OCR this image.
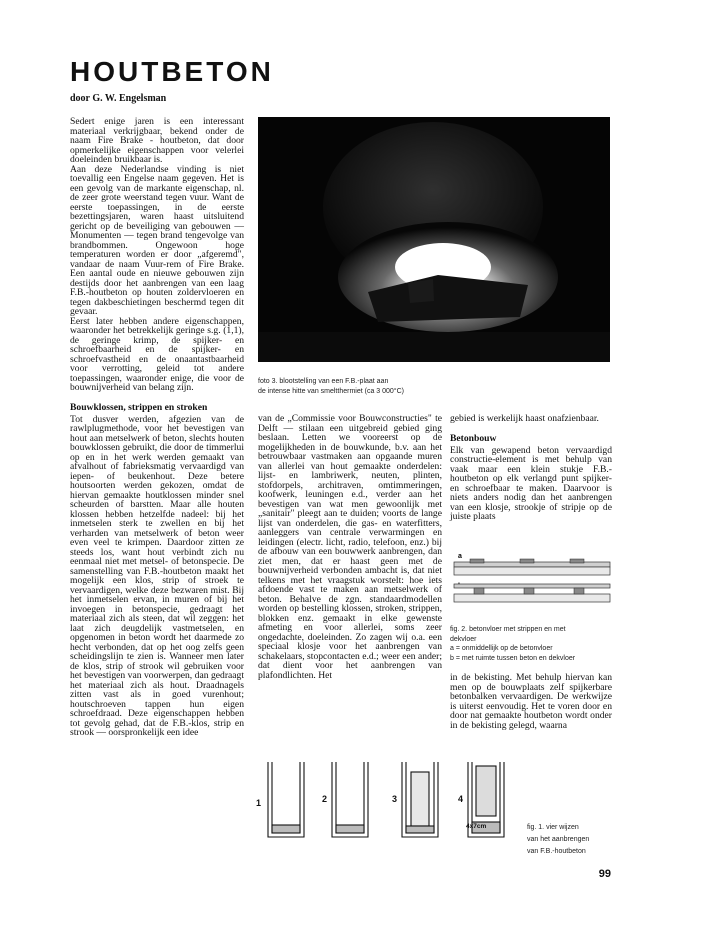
HOUTBETON
door G. W. Engelsman

Sedert enige jaren is een interessant materiaal verkrijgbaar, bekend onder de naam Fire Brake - houtbeton, dat door opmerkelijke eigenschappen voor velerlei doeleinden bruikbaar is.

Aan deze Nederlandse vinding is niet toevallig een Engelse naam gegeven. Het is een gevolg van de markante eigenschap, nl. de zeer grote weerstand tegen vuur. Want de eerste toepassingen, in de eerste bezettingsjaren, waren haast uitsluitend gericht op de beveiliging van gebouwen — Monumenten — tegen brand tengevolge van brandbommen. Ongewoon hoge temperaturen worden er door „afgeremd", vandaar de naam Vuur-rem of Fire Brake. Een aantal oude en nieuwe gebouwen zijn destijds door het aanbrengen van een laag F.B.-houtbeton op houten zoldervloeren en tegen dakbeschietingen beschermd tegen dit gevaar.

Eerst later hebben andere eigenschappen, waaronder het betrekkelijk geringe s.g. (1,1), de geringe krimp, de spijker- en schroefbaarheid en de spijker- en schroefvastheid en de onaantastbaarheid voor verrotting, geleid tot andere toepassingen, waaronder enige, die voor de bouwnijverheid van belang zijn.

Bouwklossen, strippen en stroken

Tot dusver werden, afgezien van de rawlplugmethode, voor het bevestigen van hout aan metselwerk of beton, slechts houten bouwklossen gebruikt, die door de timmerlui op en in het werk werden gemaakt van afvalhout of fabrieksmatig vervaardigd van iepen- of beukenhout. Deze betere houtsoorten werden gekozen, omdat de hiervan gemaakte houtklossen minder snel scheurden of barstten. Maar alle houten klossen hebben hetzelfde nadeel: bij het inmetselen sterk te zwellen en bij het verharden van metselwerk of beton weer even veel te krimpen. Daardoor zitten ze steeds los, want hout verbindt zich nu eenmaal niet met metsel- of betonspecie. De samenstelling van F.B.-houtbeton maakt het mogelijk een klos, strip of stroek te vervaardigen, welke deze bezwaren mist. Bij het inmetselen ervan, in muren of bij het invoegen in betonspecie, gedraagt het materiaal zich als steen, dat wil zeggen: het laat zich deugdelijk vastmetselen, en opgenomen in beton wordt het daarmede zo hecht verbonden, dat op het oog zelfs geen scheidingslijn te zien is. Wanneer men later de klos, strip of strook wil gebruiken voor het bevestigen van voorwerpen, dan gedraagt het materiaal zich als hout. Draadnagels zitten vast als in goed vurenhout; houtschroeven tappen hun eigen schroefdraad. Deze eigenschappen hebben tot gevolg gehad, dat de F.B.-klos, strip en strook — oorspronkelijk een idee

foto 3. blootstelling van een F.B.-plaat aan
de intense hitte van smeltthermiet (ca 3 000°C)

van de „Commissie voor Bouwconstructies" te Delft — stilaan een uitgebreid gebied ging beslaan. Letten we vooreerst op de mogelijkheden in de bouwkunde, b.v. aan het betrouwbaar vastmaken aan opgaande muren van allerlei van hout gemaakte onderdelen: lijst- en lambriwerk, neuten, plinten, stofdorpels, architraven, omtimmeringen, koofwerk, leuningen e.d., verder aan het bevestigen van wat men gewoonlijk met „sanitair" pleegt aan te duiden; voorts de lange lijst van onderdelen, die gas- en waterfitters, aanleggers van centrale verwarmingen en leidingen (electr. licht, radio, telefoon, enz.) bij de afbouw van een bouwwerk aanbrengen, dan ziet men, dat er haast geen met de bouwnijverheid verbonden ambacht is, dat niet telkens met het vraagstuk worstelt: hoe iets afdoende vast te maken aan metselwerk of beton. Behalve de zgn. standaardmodellen worden op bestelling klossen, stroken, strippen, blokken enz. gemaakt in elke gewenste afmeting en voor allerlei, soms zeer ongedachte, doeleinden. Zo zagen wij o.a. een speciaal klosje voor het aanbrengen van schakelaars, stopcontacten e.d.; weer een ander; dat dient voor het aanbrengen van plafondlichten. Het

gebied is werkelijk haast onafzienbaar.

Betonbouw

Elk van gewapend beton vervaardigd constructie-element is met behulp van vaak maar een klein stukje F.B.-houtbeton op elk verlangd punt spijker- en schroefbaar te maken. Daarvoor is niets anders nodig dan het aanbrengen van een klosje, strookje of stripje op de juiste plaats

a
fig. 2. betonvloer met strippen en met
dekvloer
a = onmiddellijk op de betonvloer
b = met ruimte tussen beton en dekvloer

in de bekisting. Met behulp hiervan kan men op de bouwplaats zelf spijkerbare betonbalken vervaardigen. De werkwijze is uiterst eenvoudig. Het te voren door en door nat gemaakte houtbeton wordt onder in de bekisting gelegd, waarna

1	2	3	4
4x7cm	fig. 1. vier wijzen
van het aanbrengen
van F.B.-houtbeton
99
